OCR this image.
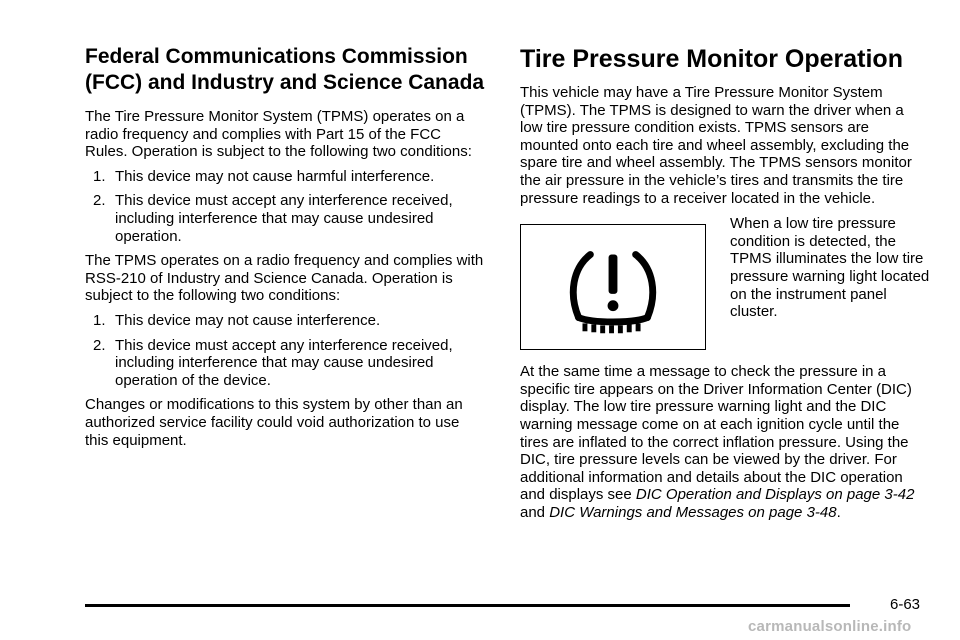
Federal Communications Commission (FCC) and Industry and Science Canada

The Tire Pressure Monitor System (TPMS) operates on a radio frequency and complies with Part 15 of the FCC Rules. Operation is subject to the following two conditions:

1. This device may not cause harmful interference.
2. This device must accept any interference received, including interference that may cause undesired operation.

The TPMS operates on a radio frequency and complies with RSS-210 of Industry and Science Canada. Operation is subject to the following two conditions:

1. This device may not cause interference.
2. This device must accept any interference received, including interference that may cause undesired operation of the device.

Changes or modifications to this system by other than an authorized service facility could void authorization to use this equipment.

Tire Pressure Monitor Operation

This vehicle may have a Tire Pressure Monitor System (TPMS). The TPMS is designed to warn the driver when a low tire pressure condition exists. TPMS sensors are mounted onto each tire and wheel assembly, excluding the spare tire and wheel assembly. The TPMS sensors monitor the air pressure in the vehicle’s tires and transmits the tire pressure readings to a receiver located in the vehicle.

When a low tire pressure condition is detected, the TPMS illuminates the low tire pressure warning light located on the instrument panel cluster.

At the same time a message to check the pressure in a specific tire appears on the Driver Information Center (DIC) display. The low tire pressure warning light and the DIC warning message come on at each ignition cycle until the tires are inflated to the correct inflation pressure. Using the DIC, tire pressure levels can be viewed by the driver. For additional information and details about the DIC operation and displays see DIC Operation and Displays on page 3-42 and DIC Warnings and Messages on page 3-48.

6-63
carmanualsonline.info
